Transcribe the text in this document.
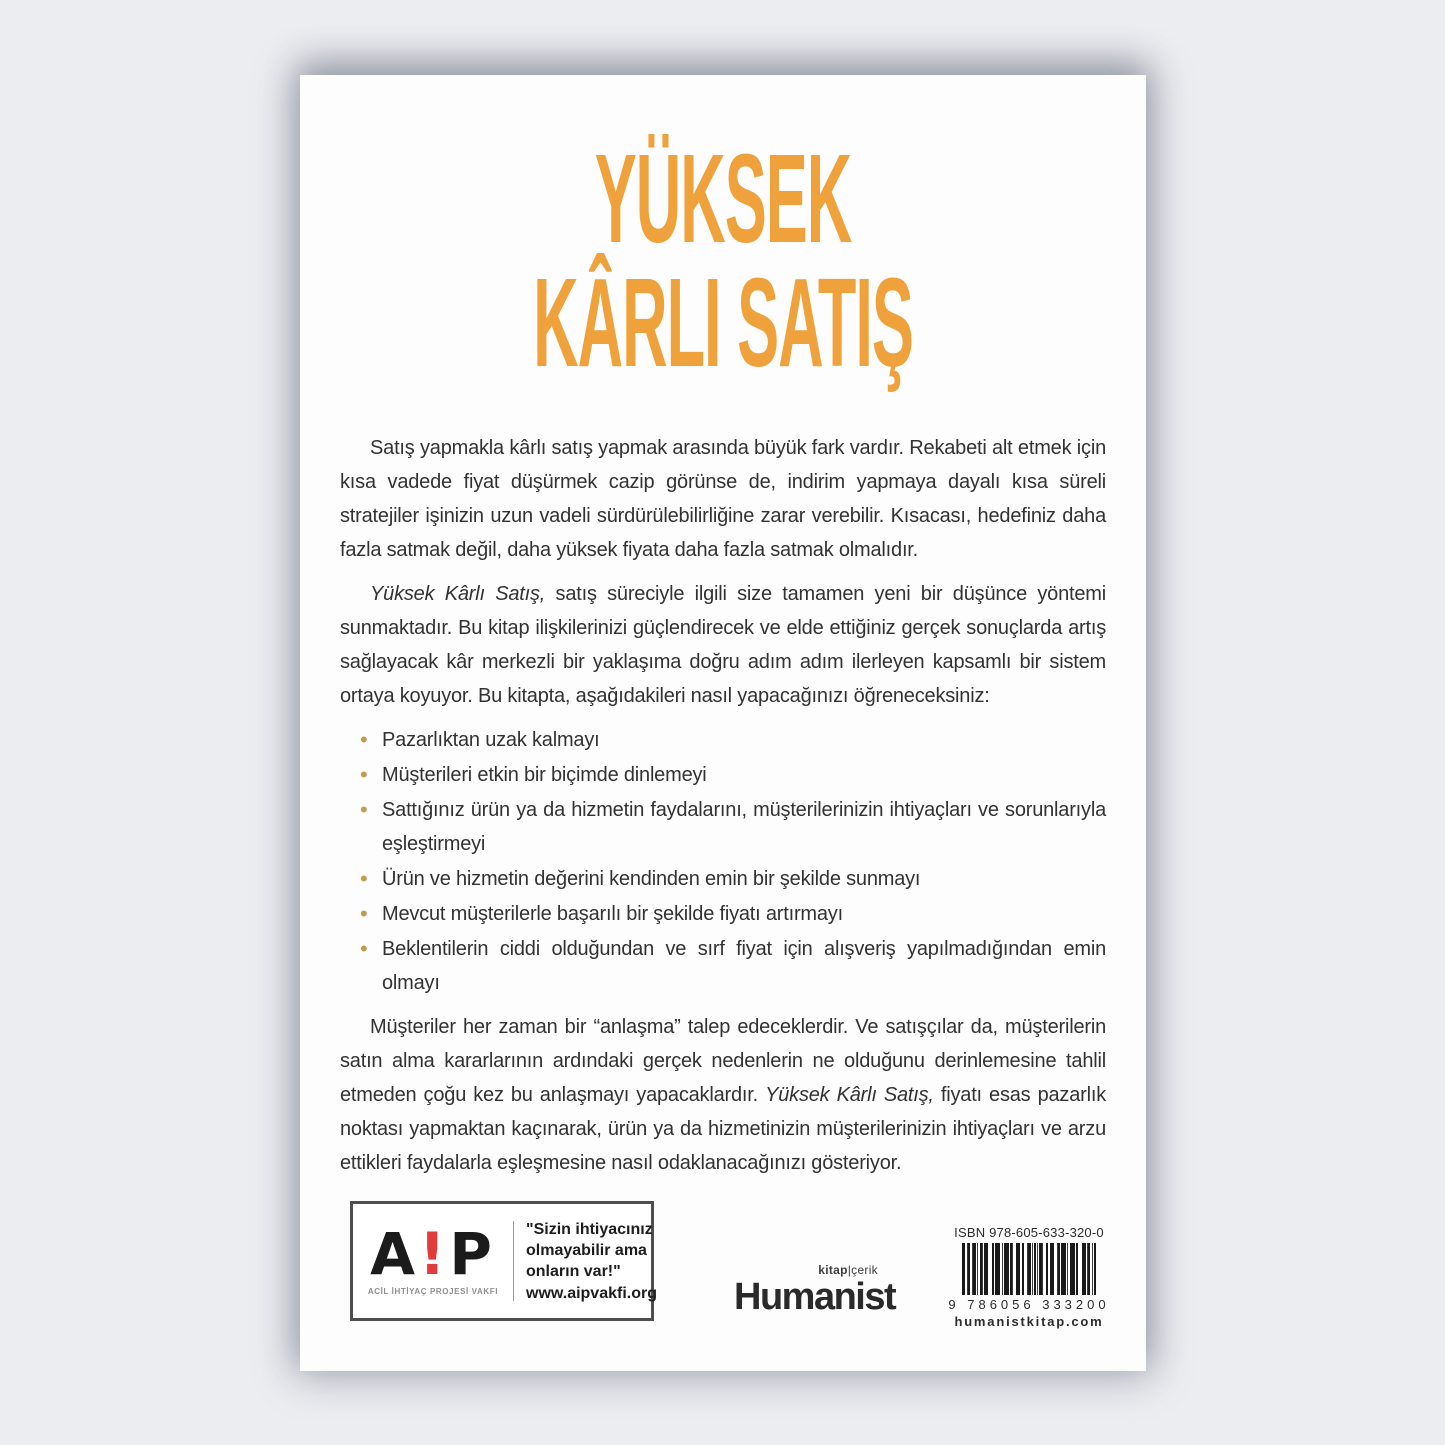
YÜKSEK
KÂRLI SATIŞ

Satış yapmakla kârlı satış yapmak arasında büyük fark vardır. Rekabeti alt etmek için kısa vadede fiyat düşürmek cazip görünse de, indirim yapmaya dayalı kısa süreli stratejiler işinizin uzun vadeli sürdürülebilirliğine zarar verebilir. Kısacası, hedefiniz daha fazla satmak değil, daha yüksek fiyata daha fazla satmak olmalıdır.

Yüksek Kârlı Satış, satış süreciyle ilgili size tamamen yeni bir düşünce yöntemi sunmaktadır. Bu kitap ilişkilerinizi güçlendirecek ve elde ettiğiniz gerçek sonuçlarda artış sağlayacak kâr merkezli bir yaklaşıma doğru adım adım ilerleyen kapsamlı bir sistem ortaya koyuyor. Bu kitapta, aşağıdakileri nasıl yapacağınızı öğreneceksiniz:

• Pazarlıktan uzak kalmayı
• Müşterileri etkin bir biçimde dinlemeyi
• Sattığınız ürün ya da hizmetin faydalarını, müşterilerinizin ihtiyaçları ve sorunlarıyla eşleştirmeyi
• Ürün ve hizmetin değerini kendinden emin bir şekilde sunmayı
• Mevcut müşterilerle başarılı bir şekilde fiyatı artırmayı
• Beklentilerin ciddi olduğundan ve sırf fiyat için alışveriş yapılmadığından emin olmayı

Müşteriler her zaman bir “anlaşma” talep edeceklerdir. Ve satışçılar da, müşterilerin satın alma kararlarının ardındaki gerçek nedenlerin ne olduğunu derinlemesine tahlil etmeden çoğu kez bu anlaşmayı yapacaklardır. Yüksek Kârlı Satış, fiyatı esas pazarlık noktası yapmaktan kaçınarak, ürün ya da hizmetinizin müşterilerinizin ihtiyaçları ve arzu ettikleri faydalarla eşleşmesine nasıl odaklanacağınızı gösteriyor.

A!P
ACİL İHTİYAÇ PROJESİ VAKFI
"Sizin ihtiyacınız olmayabilir ama onların var!"
www.aipvakfi.org
kitap|çerik
Humanist
ISBN 978-605-633-320-0
9 786056 333200
humanistkitap.com
